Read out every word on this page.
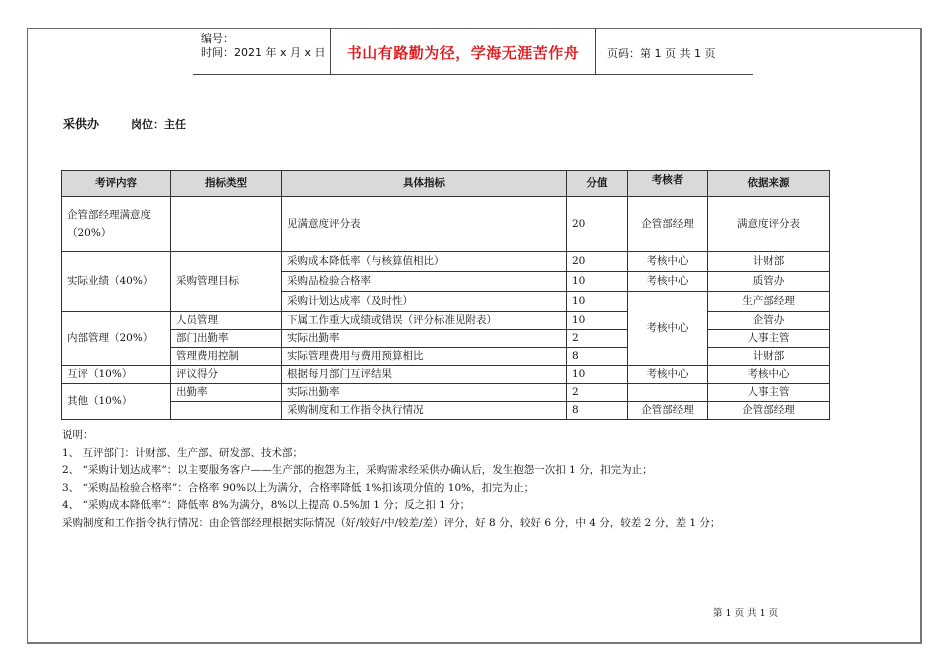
编号：
时间：2021 年 x 月 x 日	书山有路勤为径，学海无涯苦作舟	页码：第 1 页 共 1 页
采供办	岗位：主任
考评内容	指标类型	具体指标	分值	考核者	依据来源
企管部经理满意度（20%）		见满意度评分表	20	企管部经理	满意度评分表
实际业绩（40%）	采购管理目标	采购成本降低率（与核算值相比）	20	考核中心	计财部
		采购品检验合格率	10	考核中心	质管办
		采购计划达成率（及时性）	10	考核中心	生产部经理
内部管理（20%）	人员管理	下属工作重大成绩或错误（评分标准见附表）	10		企管办
	部门出勤率	实际出勤率	2		人事主管
	管理费用控制	实际管理费用与费用预算相比	8		计财部
互评（10%）	评议得分	根据每月部门互评结果	10	考核中心	考核中心
其他（10%）	出勤率	实际出勤率	2		人事主管
		采购制度和工作指令执行情况	8	企管部经理	企管部经理
说明：
1、 互评部门：计财部、生产部、研发部、技术部；
2、 “采购计划达成率”：以主要服务客户——生产部的抱怨为主，采购需求经采供办确认后，发生抱怨一次扣 1 分，扣完为止；
3、 “采购品检验合格率”：合格率 90%以上为满分，合格率降低 1%扣该项分值的 10%，扣完为止；
4、 “采购成本降低率”：降低率 8%为满分，8%以上提高 0.5%加 1 分；反之扣 1 分；
采购制度和工作指令执行情况：由企管部经理根据实际情况（好/较好/中/较差/差）评分，好 8 分，较好 6 分，中 4 分，较差 2 分，差 1 分；
第 1 页 共 1 页
